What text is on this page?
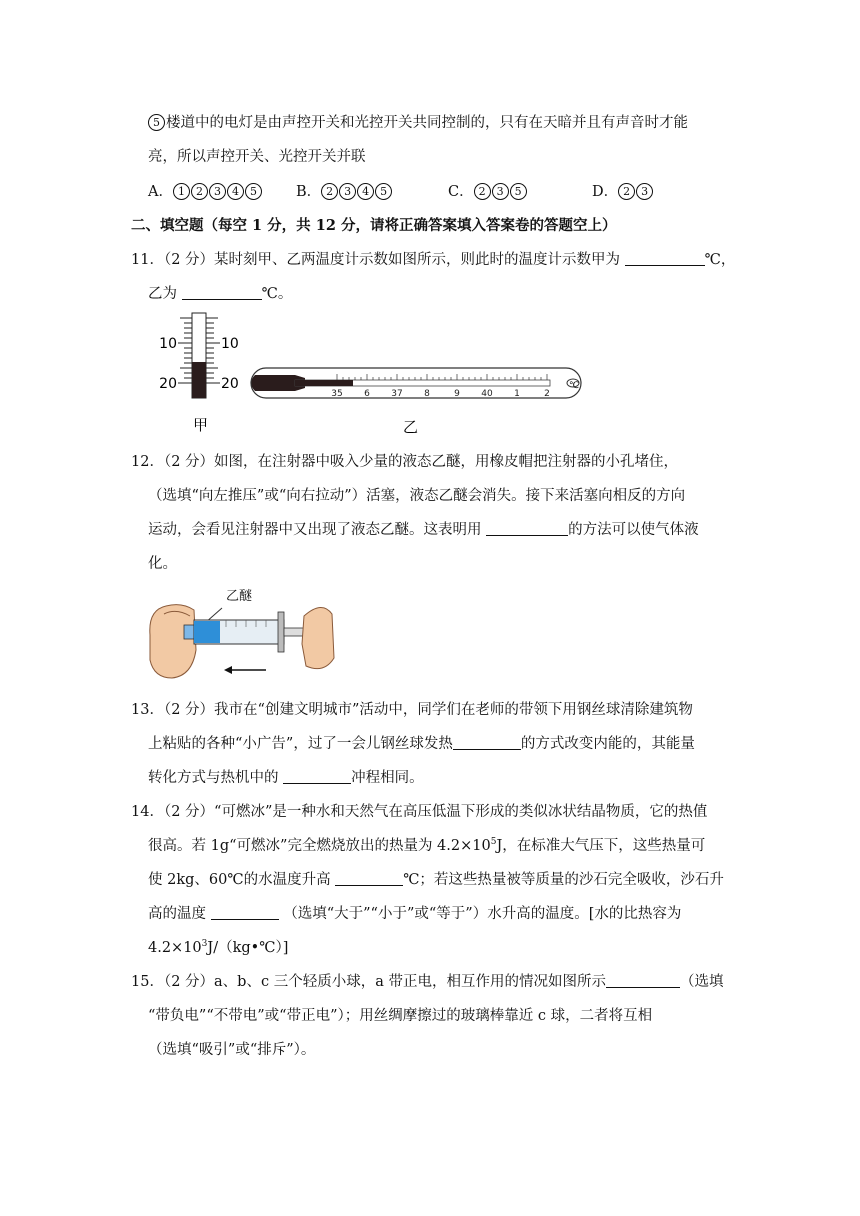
5 楼道中的电灯是由声控开关和光控开关共同控制的，只有在天暗并且有声音时才能
亮，所以声控开关、光控开关并联
A． 1 2 3 4 5	B． 2 3 4 5	C． 2 3 5	D． 2 3
二、填空题（每空 1 分，共 12 分，请将正确答案填入答案卷的答题空上）
11．（2 分）某时刻甲、乙两温度计示数如图所示，则此时的温度计示数甲为	℃，
乙为	℃。
10
20
10
20
甲
35 6 37 8	9 40 1	2
℃
乙
12．（2 分）如图，在注射器中吸入少量的液态乙醚，用橡皮帽把注射器的小孔堵住，
（选填“向左推压”或“向右拉动”）活塞，液态乙醚会消失。接下来活塞向相反的方向
运动，会看见注射器中又出现了液态乙醚。这表明用	的方法可以使气体液
化。
乙醚
13．（2 分）我市在“创建文明城市”活动中，同学们在老师的带领下用钢丝球清除建筑物
上粘贴的各种“小广告”，过了一会儿钢丝球发热	的方式改变内能的，其能量
转化方式与热机中的	冲程相同。
14．（2 分）“可燃冰”是一种水和天然气在高压低温下形成的类似冰状结晶物质，它的热值
很高。若 1g“可燃冰”完全燃烧放出的热量为 $4.2\times 10^5J$，在标准大气压下，这些热量可
使 2kg、60℃的水温度升高	℃；若这些热量被等质量的沙石完全吸收，沙石升
高的温度	（选填“大于”“小于”或“等于”）水升高的温度。[水的比热容为
$4.2\times 10^3J/(kg•℃)$]
15．（2 分）a、b、c 三个轻质小球，a 带正电，相互作用的情况如图所示	（选填
“带负电”“不带电”或“带正电”）；用丝绸摩擦过的玻璃棒靠近 c 球，二者将互相
（选填“吸引”或“排斥”）。
